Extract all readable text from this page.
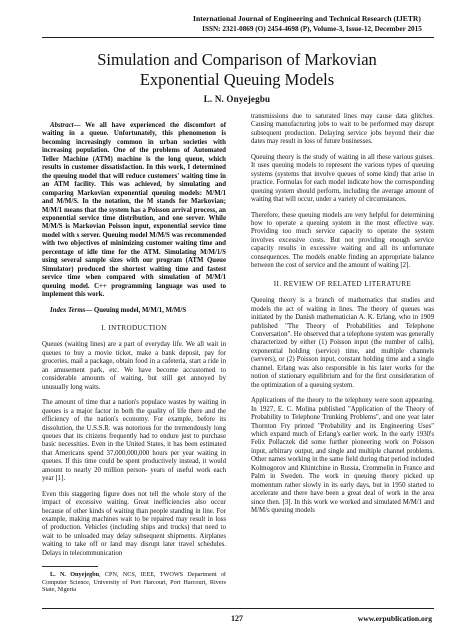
International Journal of Engineering and Technical Research (IJETR)
ISSN: 2321-0869 (O) 2454-4698 (P), Volume-3, Issue-12, December 2015
Simulation and Comparison of Markovian
Exponential Queuing Models
L. N. Onyejegbu

Abstract— We all have experienced the discomfort of waiting in a queue. Unfortunately, this phenomenon is becoming increasingly common in urban societies with increasing population. One of the problems of Automated Teller Machine (ATM) machine is the long queue, which results in customer dissatisfaction. In this work, I determined the queuing model that will reduce customers' waiting time in an ATM facility. This was achieved, by simulating and comparing Markovian exponential queuing models: M/M/1 and M/M/S. In the notation, the M stands for Markovian; M/M/1 means that the system has a Poisson arrival process, an exponential service time distribution, and one server. While M/M/S is Markovian Poisson input, exponential service time model with s server. Queuing model M/M/S was recommended with two objectives of minimizing customer waiting time and percentage of idle time for the ATM. Simulating M/M/1/S using several sample sizes with our program (ATM Queue Simulator) produced the shortest waiting time and fastest service time when compared with simulation of M/M/1 queuing model. C++ programming language was used to implement this work.

Index Terms— Queuing model, M/M/1, M/M/S

I. INTRODUCTION

Queues (waiting lines) are a part of everyday life. We all wait in queues to buy a movie ticket, make a bank deposit, pay for groceries, mail a package, obtain food in a cafeteria, start a ride in an amusement park, etc. We have become accustomed to considerable amounts of waiting, but still get annoyed by unusually long waits.

The amount of time that a nation's populace wastes by waiting in queues is a major factor in both the quality of life there and the efficiency of the nation's economy. For example, before its dissolution, the U.S.S.R. was notorious for the tremendously long queues that its citizens frequently had to endure just to purchase basic necessities. Even in the United States, it has been estimated that Americans spend 37,000,000,000 hours per year waiting in queues. If this time could be spent productively instead, it would amount to nearly 20 million person- years of useful work each year [1].

Even this staggering figure does not tell the whole story of the impact of excessive waiting. Great inefficiencies also occur because of other kinds of waiting than people standing in line. For example, making machines wait to be repaired may result in loss of production. Vehicles (including ships and trucks) that need to wait to be unloaded may delay subsequent shipments. Airplanes waiting to take off or land may disrupt later travel schedules. Delays in telecommunication

L. N. Onyejegbu, CPN, NCS, IEEE, TWOWS Department of Computer Science, University of Port Harcourt, Port Harcourt, Rivers State, Nigeria

transmissions due to saturated lines may cause data glitches. Causing manufacturing jobs to wait to be performed may disrupt subsequent production. Delaying service jobs beyond their due dates may result in loss of future businesses.

Queuing theory is the study of waiting in all these various guises. It uses queuing models to represent the various types of queuing systems (systems that involve queues of some kind) that arise in practice. Formulas for each model indicate how the corresponding queuing system should perform, including the average amount of waiting that will occur, under a variety of circumstances.

Therefore, these queuing models are very helpful for determining how to operate a queuing system in the most effective way. Providing too much service capacity to operate the system involves excessive costs. But not providing enough service capacity results in excessive waiting and all its unfortunate consequences. The models enable finding an appropriate balance between the cost of service and the amount of waiting [2].

II. REVIEW OF RELATED LITERATURE

Queuing theory is a branch of mathematics that studies and models the act of waiting in lines. The theory of queues was initiated by the Danish mathematician A. K. Erlang, who in 1909 published "The Theory of Probabilities and Telephone Conversation". He observed that a telephone system was generally characterized by either (1) Poisson input (the number of calls), exponential holding (service) time, and multiple channels (servers), or (2) Poisson input, constant holding time and a single channel. Erlang was also responsible in his later works for the notion of stationary equilibrium and for the first consideration of the optimization of a queuing system.

Applications of the theory to the telephony were soon appearing. In 1927, E. C. Molina published "Application of the Theory of Probability to Telephone Trunking Problems", and one year later Thornton Fry printed "Probability and its Engineering Uses" which expand much of Erlang's earlier work. In the early 1930's Felix Pollaczek did some further pioneering work on Poisson input, arbitrary output, and single and multiple channel problems. Other names working in the same field during that period included Kolmogorov and Khintchine in Russia, Crommelin in France and Palm in Sweden. The work in queuing theory picked up momentum rather slowly in its early days, but in 1950 started to accelerate and there have been a great deal of work in the area since then. [3]. In this work we worked and simulated M/M/1 and M/M/s queuing models

127	www.erpublication.org
